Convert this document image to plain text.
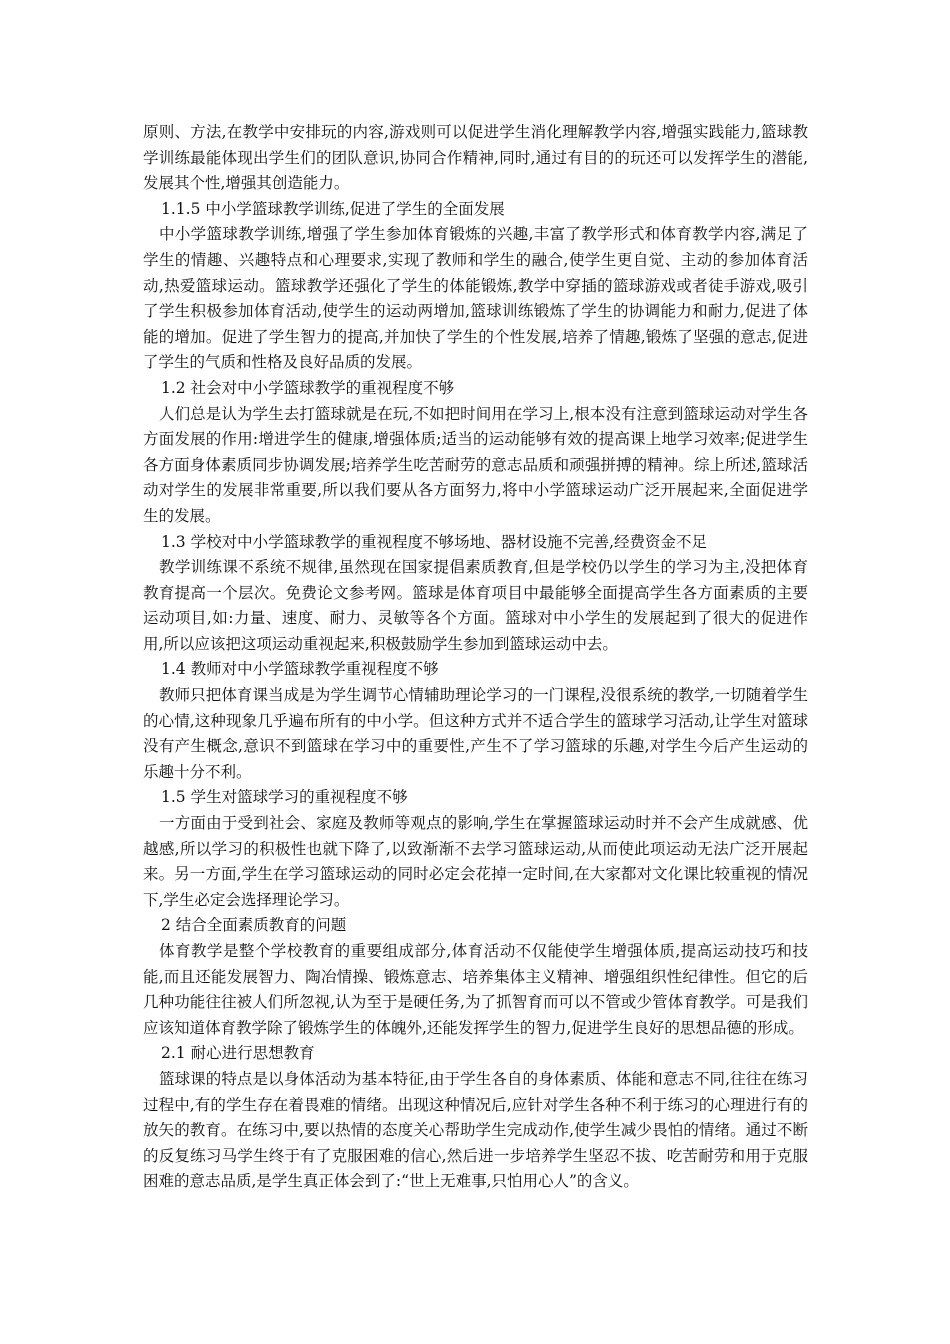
原则、方法,在教学中安排玩的内容,游戏则可以促进学生消化理解教学内容,增强实践能力,篮球教学训练最能体现出学生们的团队意识,协同合作精神,同时,通过有目的的玩还可以发挥学生的潜能,发展其个性,增强其创造能力。

1.1.5 中小学篮球教学训练,促进了学生的全面发展

中小学篮球教学训练,增强了学生参加体育锻炼的兴趣,丰富了教学形式和体育教学内容,满足了学生的情趣、兴趣特点和心理要求,实现了教师和学生的融合,使学生更自觉、主动的参加体育活动,热爱篮球运动。篮球教学还强化了学生的体能锻炼,教学中穿插的篮球游戏或者徒手游戏,吸引了学生积极参加体育活动,使学生的运动两增加,篮球训练锻炼了学生的协调能力和耐力,促进了体能的增加。促进了学生智力的提高,并加快了学生的个性发展,培养了情趣,锻炼了坚强的意志,促进了学生的气质和性格及良好品质的发展。

1.2 社会对中小学篮球教学的重视程度不够

人们总是认为学生去打篮球就是在玩,不如把时间用在学习上,根本没有注意到篮球运动对学生各方面发展的作用:增进学生的健康,增强体质;适当的运动能够有效的提高课上地学习效率;促进学生各方面身体素质同步协调发展;培养学生吃苦耐劳的意志品质和顽强拼搏的精神。综上所述,篮球活动对学生的发展非常重要,所以我们要从各方面努力,将中小学篮球运动广泛开展起来,全面促进学生的发展。

1.3 学校对中小学篮球教学的重视程度不够场地、器材设施不完善,经费资金不足

教学训练课不系统不规律,虽然现在国家提倡素质教育,但是学校仍以学生的学习为主,没把体育教育提高一个层次。免费论文参考网。篮球是体育项目中最能够全面提高学生各方面素质的主要运动项目,如:力量、速度、耐力、灵敏等各个方面。篮球对中小学生的发展起到了很大的促进作用,所以应该把这项运动重视起来,积极鼓励学生参加到篮球运动中去。

1.4 教师对中小学篮球教学重视程度不够

教师只把体育课当成是为学生调节心情辅助理论学习的一门课程,没很系统的教学,一切随着学生的心情,这种现象几乎遍布所有的中小学。但这种方式并不适合学生的篮球学习活动,让学生对篮球没有产生概念,意识不到篮球在学习中的重要性,产生不了学习篮球的乐趣,对学生今后产生运动的乐趣十分不利。

1.5 学生对篮球学习的重视程度不够

一方面由于受到社会、家庭及教师等观点的影响,学生在掌握篮球运动时并不会产生成就感、优越感,所以学习的积极性也就下降了,以致渐渐不去学习篮球运动,从而使此项运动无法广泛开展起来。另一方面,学生在学习篮球运动的同时必定会花掉一定时间,在大家都对文化课比较重视的情况下,学生必定会选择理论学习。

2 结合全面素质教育的问题

体育教学是整个学校教育的重要组成部分,体育活动不仅能使学生增强体质,提高运动技巧和技能,而且还能发展智力、陶冶情操、锻炼意志、培养集体主义精神、增强组织性纪律性。但它的后几种功能往往被人们所忽视,认为至于是硬任务,为了抓智育而可以不管或少管体育教学。可是我们应该知道体育教学除了锻炼学生的体魄外,还能发挥学生的智力,促进学生良好的思想品德的形成。

2.1 耐心进行思想教育

篮球课的特点是以身体活动为基本特征,由于学生各自的身体素质、体能和意志不同,往往在练习过程中,有的学生存在着畏难的情绪。出现这种情况后,应针对学生各种不利于练习的心理进行有的放矢的教育。在练习中,要以热情的态度关心帮助学生完成动作,使学生减少畏怕的情绪。通过不断的反复练习马学生终于有了克服困难的信心,然后进一步培养学生坚忍不拔、吃苦耐劳和用于克服困难的意志品质,是学生真正体会到了:“世上无难事,只怕用心人”的含义。
